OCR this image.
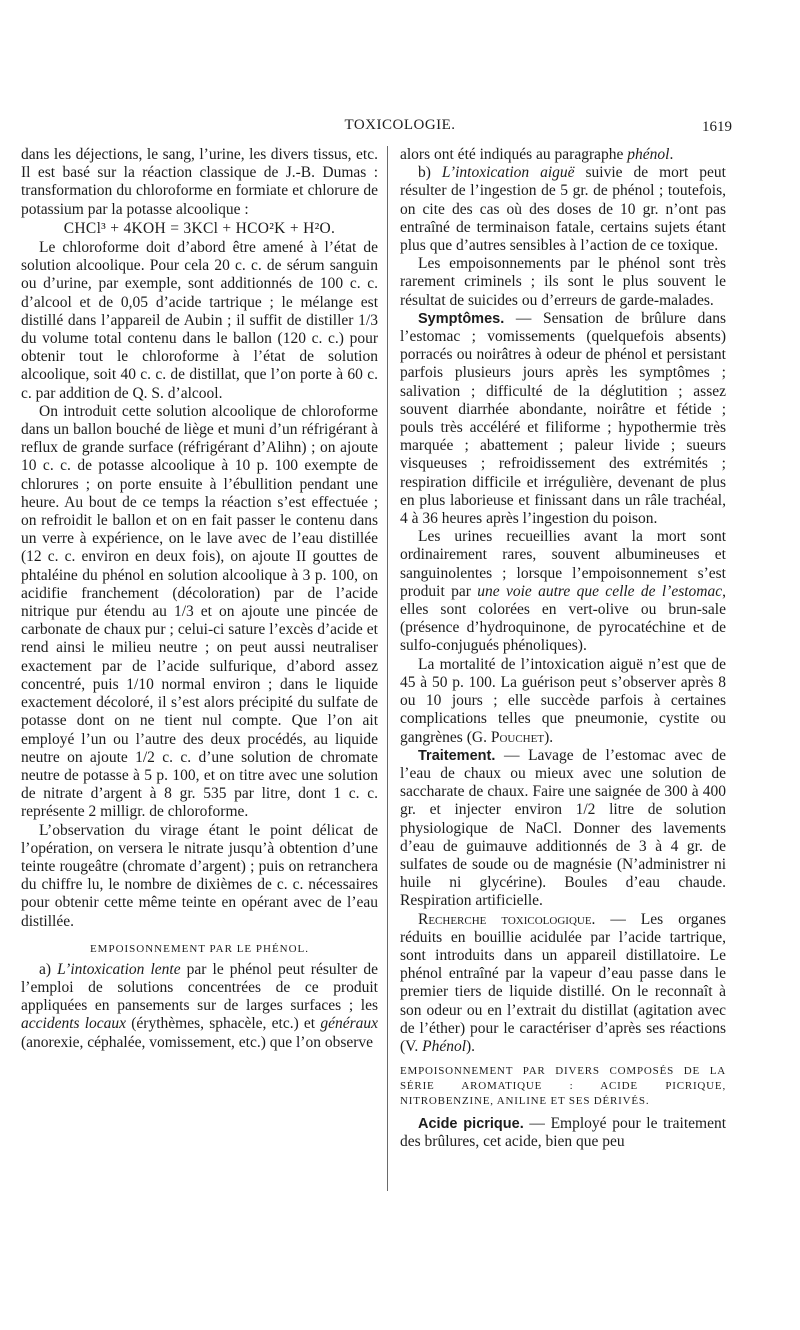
TOXICOLOGIE.	1619

dans les déjections, le sang, l’urine, les divers tissus, etc. Il est basé sur la réaction classique de J.-B. Dumas : transformation du chloroforme en formiate et chlorure de potassium par la potasse alcoolique :

CHCl³ + 4KOH = 3KCl + HCO²K + H²O.

Le chloroforme doit d’abord être amené à l’état de solution alcoolique. Pour cela 20 c. c. de sérum sanguin ou d’urine, par exemple, sont additionnés de 100 c. c. d’alcool et de 0,05 d’acide tartrique ; le mélange est distillé dans l’appareil de Aubin ; il suffit de distiller 1/3 du volume total contenu dans le ballon (120 c. c.) pour obtenir tout le chloroforme à l’état de solution alcoolique, soit 40 c. c. de distillat, que l’on porte à 60 c. c. par addition de Q. S. d’alcool.

On introduit cette solution alcoolique de chloroforme dans un ballon bouché de liège et muni d’un réfrigérant à reflux de grande surface (réfrigérant d’Alihn) ; on ajoute 10 c. c. de potasse alcoolique à 10 p. 100 exempte de chlorures ; on porte ensuite à l’ébullition pendant une heure. Au bout de ce temps la réaction s’est effectuée ; on refroidit le ballon et on en fait passer le contenu dans un verre à expérience, on le lave avec de l’eau distillée (12 c. c. environ en deux fois), on ajoute II gouttes de phtaléine du phénol en solution alcoolique à 3 p. 100, on acidifie franchement (décoloration) par de l’acide nitrique pur étendu au 1/3 et on ajoute une pincée de carbonate de chaux pur ; celui-ci sature l’excès d’acide et rend ainsi le milieu neutre ; on peut aussi neutraliser exactement par de l’acide sulfurique, d’abord assez concentré, puis 1/10 normal environ ; dans le liquide exactement décoloré, il s’est alors précipité du sulfate de potasse dont on ne tient nul compte. Que l’on ait employé l’un ou l’autre des deux procédés, au liquide neutre on ajoute 1/2 c. c. d’une solution de chromate neutre de potasse à 5 p. 100, et on titre avec une solution de nitrate d’argent à 8 gr. 535 par litre, dont 1 c. c. représente 2 milligr. de chloroforme.

L’observation du virage étant le point délicat de l’opération, on versera le nitrate jusqu’à obtention d’une teinte rougeâtre (chromate d’argent) ; puis on retranchera du chiffre lu, le nombre de dixièmes de c. c. nécessaires pour obtenir cette même teinte en opérant avec de l’eau distillée.

EMPOISONNEMENT PAR LE PHÉNOL.

a) L’intoxication lente par le phénol peut résulter de l’emploi de solutions concentrées de ce produit appliquées en pansements sur de larges surfaces ; les accidents locaux (érythèmes, sphacèle, etc.) et généraux (anorexie, céphalée, vomissement, etc.) que l’on observe

alors ont été indiqués au paragraphe phénol.

b) L’intoxication aiguë suivie de mort peut résulter de l’ingestion de 5 gr. de phénol ; toutefois, on cite des cas où des doses de 10 gr. n’ont pas entraîné de terminaison fatale, certains sujets étant plus que d’autres sensibles à l’action de ce toxique.

Les empoisonnements par le phénol sont très rarement criminels ; ils sont le plus souvent le résultat de suicides ou d’erreurs de garde-malades.

Symptômes. — Sensation de brûlure dans l’estomac ; vomissements (quelquefois absents) porracés ou noirâtres à odeur de phénol et persistant parfois plusieurs jours après les symptômes ; salivation ; difficulté de la déglutition ; assez souvent diarrhée abondante, noirâtre et fétide ; pouls très accéléré et filiforme ; hypothermie très marquée ; abattement ; paleur livide ; sueurs visqueuses ; refroidissement des extrémités ; respiration difficile et irrégulière, devenant de plus en plus laborieuse et finissant dans un râle trachéal, 4 à 36 heures après l’ingestion du poison.

Les urines recueillies avant la mort sont ordinairement rares, souvent albumineuses et sanguinolentes ; lorsque l’empoisonnement s’est produit par une voie autre que celle de l’estomac, elles sont colorées en vert-olive ou brun-sale (présence d’hydroquinone, de pyrocatéchine et de sulfo-conjugués phénoliques).

La mortalité de l’intoxication aiguë n’est que de 45 à 50 p. 100. La guérison peut s’observer après 8 ou 10 jours ; elle succède parfois à certaines complications telles que pneumonie, cystite ou gangrènes (G. Pouchet).

Traitement. — Lavage de l’estomac avec de l’eau de chaux ou mieux avec une solution de saccharate de chaux. Faire une saignée de 300 à 400 gr. et injecter environ 1/2 litre de solution physiologique de NaCl. Donner des lavements d’eau de guimauve additionnés de 3 à 4 gr. de sulfates de soude ou de magnésie (N’administrer ni huile ni glycérine). Boules d’eau chaude. Respiration artificielle.

Recherche toxicologique. — Les organes réduits en bouillie acidulée par l’acide tartrique, sont introduits dans un appareil distillatoire. Le phénol entraîné par la vapeur d’eau passe dans le premier tiers de liquide distillé. On le reconnaît à son odeur ou en l’extrait du distillat (agitation avec de l’éther) pour le caractériser d’après ses réactions (V. Phénol).

EMPOISONNEMENT PAR DIVERS COMPOSÉS DE LA SÉRIE AROMATIQUE : ACIDE PICRIQUE, NITROBENZINE, ANILINE ET SES DÉRIVÉS.

Acide picrique. — Employé pour le traitement des brûlures, cet acide, bien que peu
